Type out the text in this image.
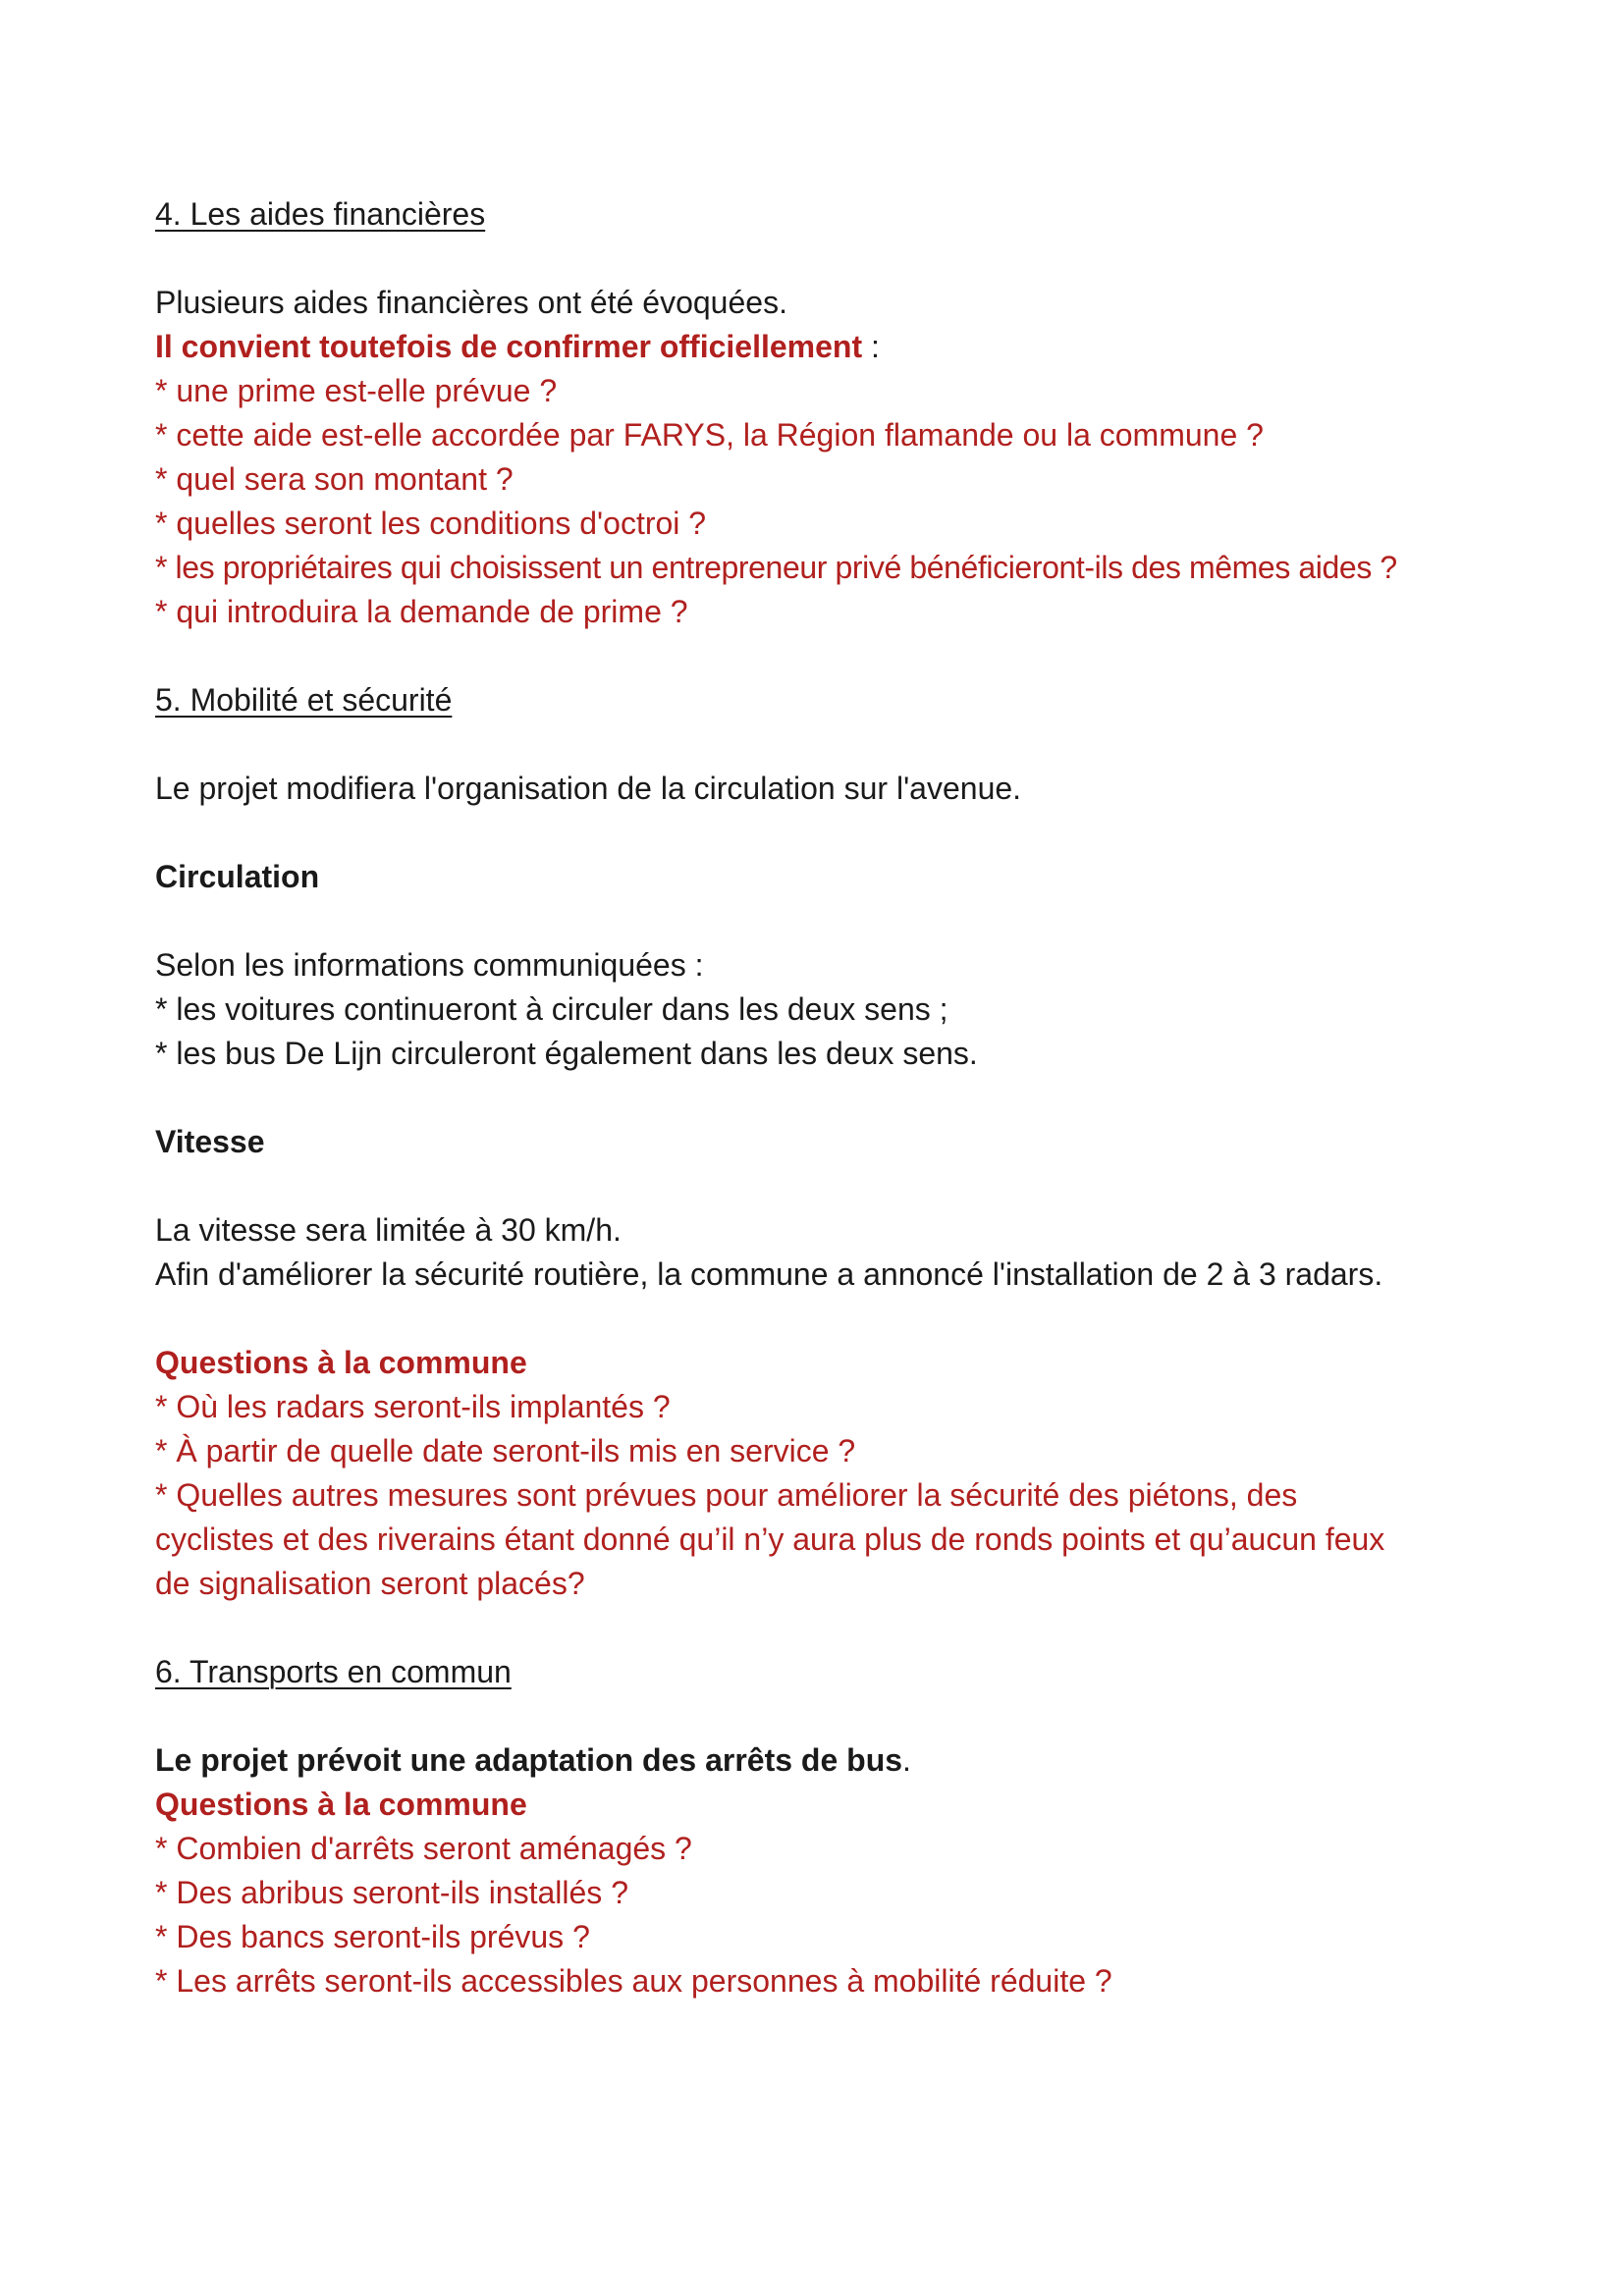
4. Les aides financières
Plusieurs aides financières ont été évoquées.
Il convient toutefois de confirmer officiellement :
* une prime est-elle prévue ?
* cette aide est-elle accordée par FARYS, la Région flamande ou la commune ?
* quel sera son montant ?
* quelles seront les conditions d'octroi ?
* les propriétaires qui choisissent un entrepreneur privé bénéficieront-ils des mêmes aides ?
* qui introduira la demande de prime ?
5. Mobilité et sécurité
Le projet modifiera l'organisation de la circulation sur l'avenue.
Circulation
Selon les informations communiquées :
* les voitures continueront à circuler dans les deux sens ;
* les bus De Lijn circuleront également dans les deux sens.
Vitesse
La vitesse sera limitée à 30 km/h.
Afin d'améliorer la sécurité routière, la commune a annoncé l'installation de 2 à 3 radars.
Questions à la commune
* Où les radars seront-ils implantés ?
* À partir de quelle date seront-ils mis en service ?
* Quelles autres mesures sont prévues pour améliorer la sécurité des piétons, des
cyclistes et des riverains étant donné qu’il n’y aura plus de ronds points et qu’aucun feux
de signalisation seront placés?
6. Transports en commun
Le projet prévoit une adaptation des arrêts de bus.
Questions à la commune
* Combien d'arrêts seront aménagés ?
* Des abribus seront-ils installés ?
* Des bancs seront-ils prévus ?
* Les arrêts seront-ils accessibles aux personnes à mobilité réduite ?
